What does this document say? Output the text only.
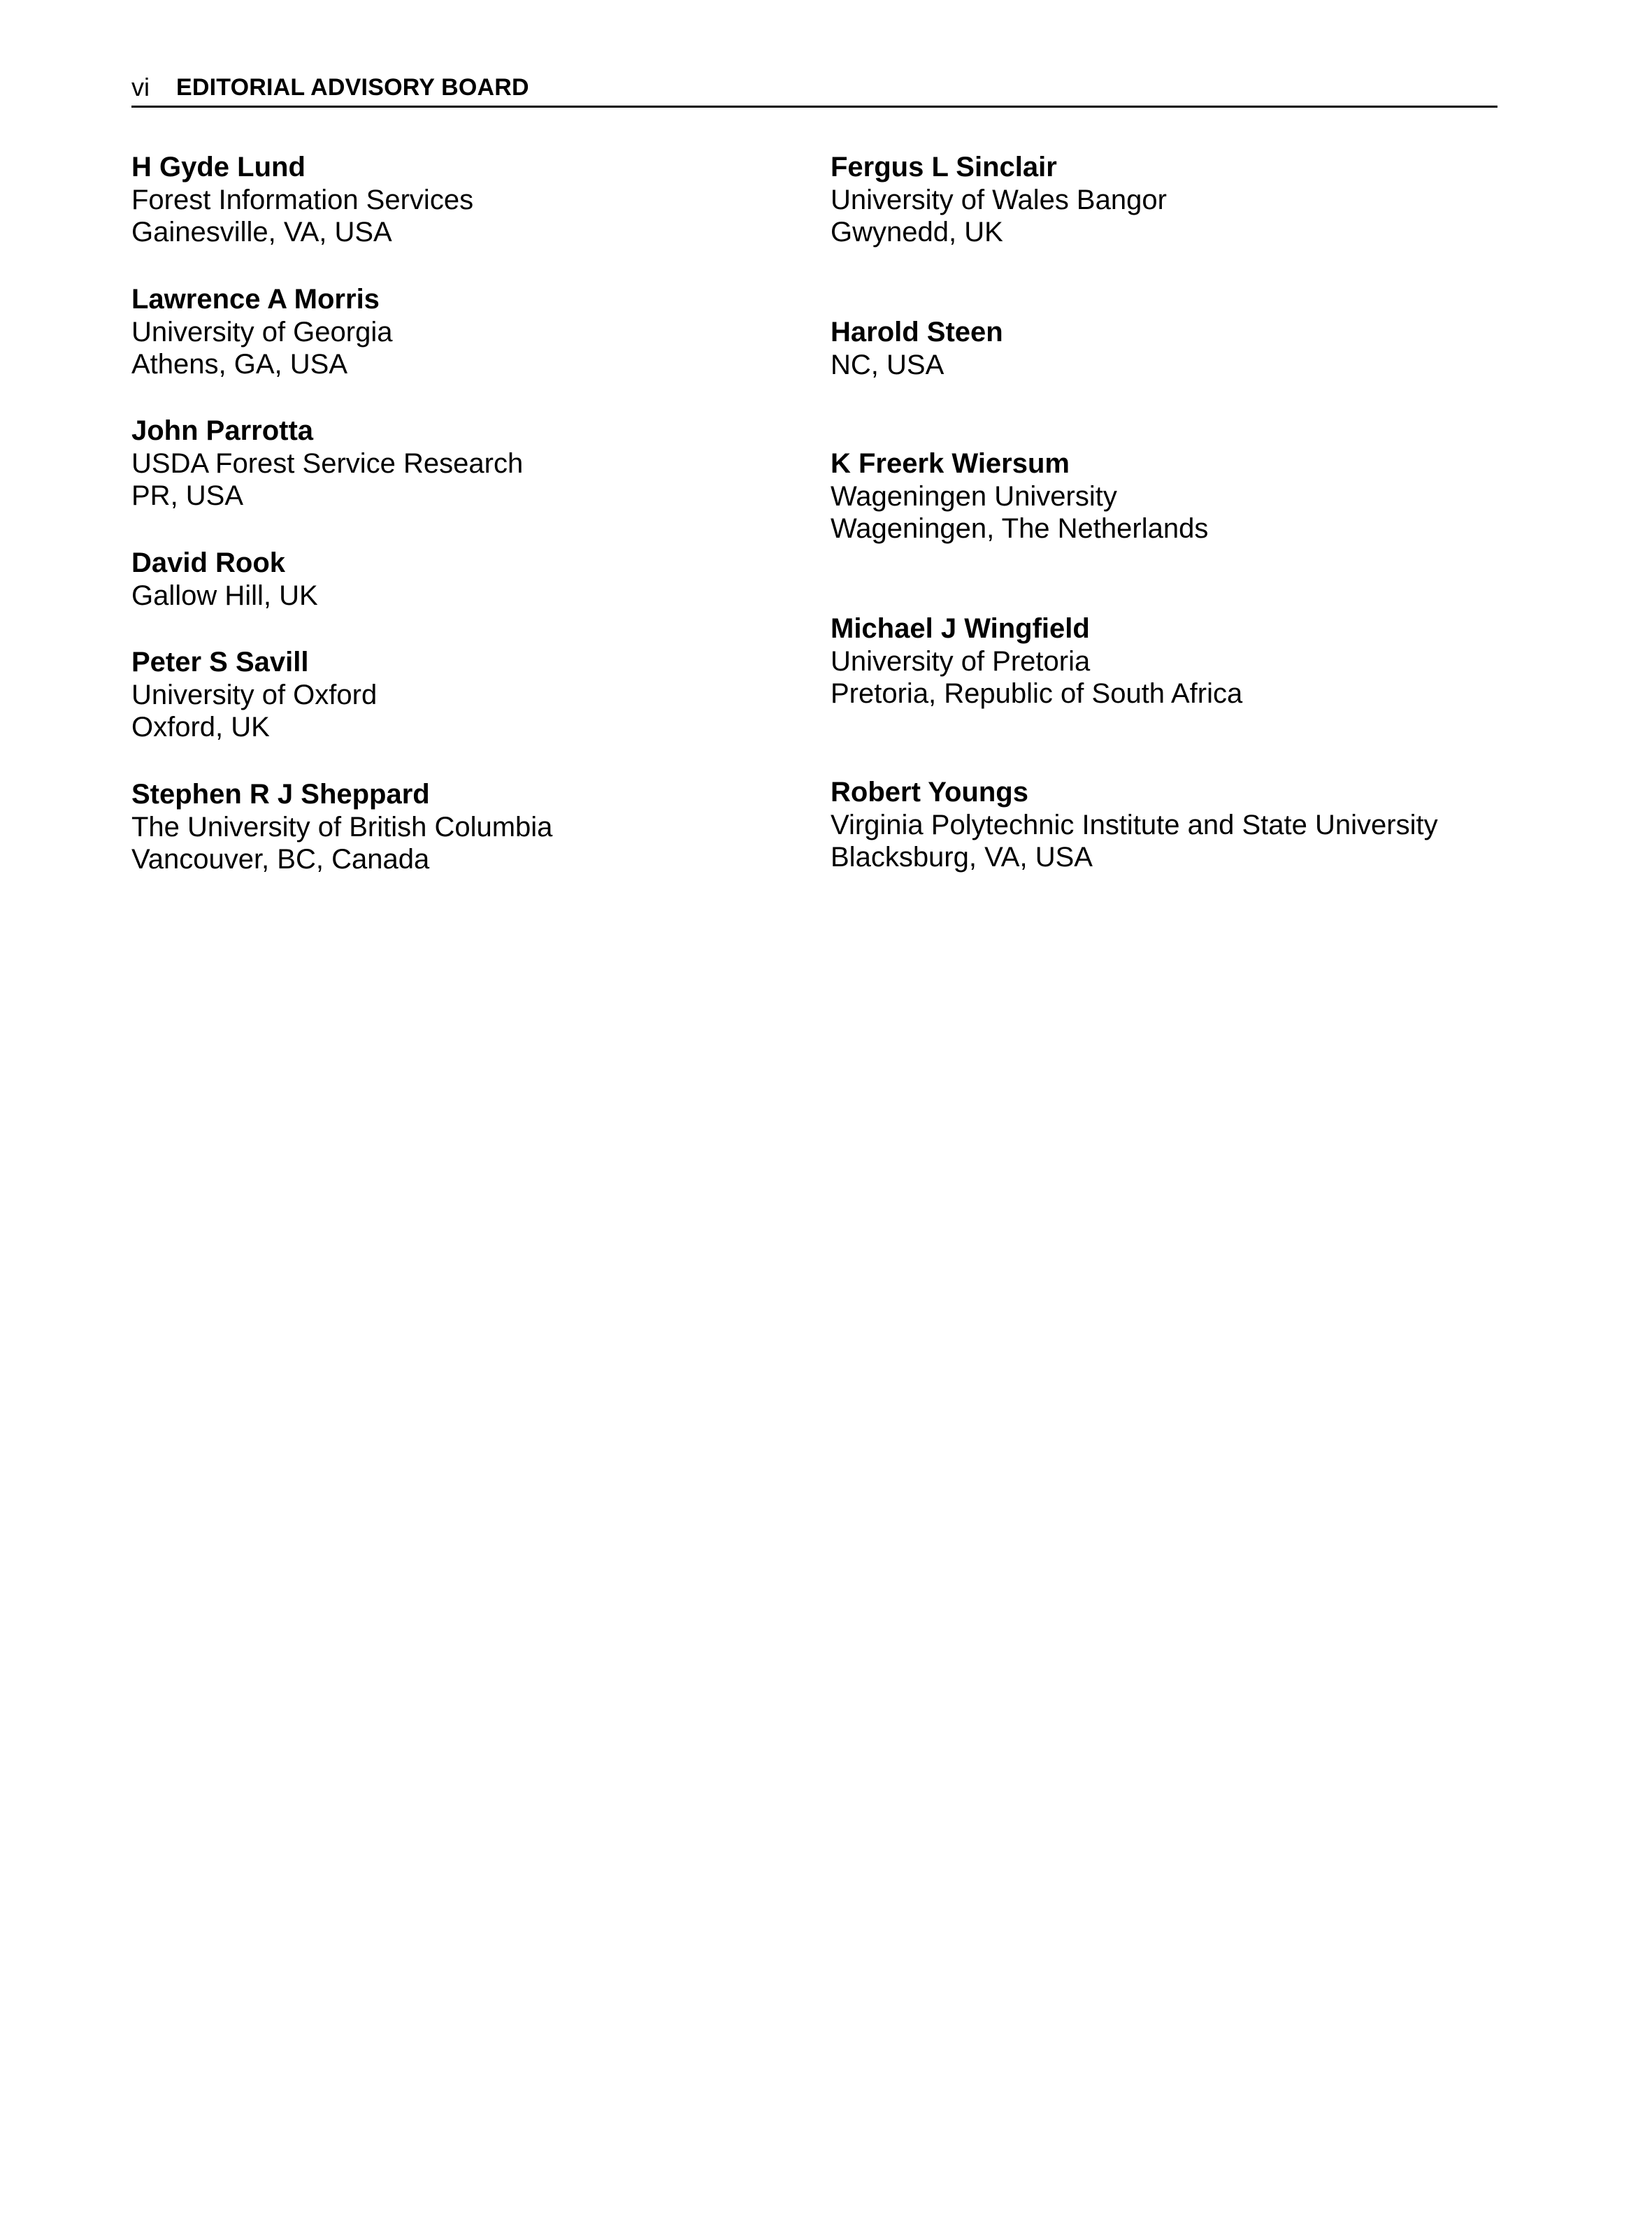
vi EDITORIAL ADVISORY BOARD
H Gyde Lund
Forest Information Services
Gainesville, VA, USA
Lawrence A Morris
University of Georgia
Athens, GA, USA
John Parrotta
USDA Forest Service Research
PR, USA
David Rook
Gallow Hill, UK
Peter S Savill
University of Oxford
Oxford, UK
Stephen R J Sheppard
The University of British Columbia
Vancouver, BC, Canada
Fergus L Sinclair
University of Wales Bangor
Gwynedd, UK
Harold Steen
NC, USA
K Freerk Wiersum
Wageningen University
Wageningen, The Netherlands
Michael J Wingfield
University of Pretoria
Pretoria, Republic of South Africa
Robert Youngs
Virginia Polytechnic Institute and State University
Blacksburg, VA, USA
